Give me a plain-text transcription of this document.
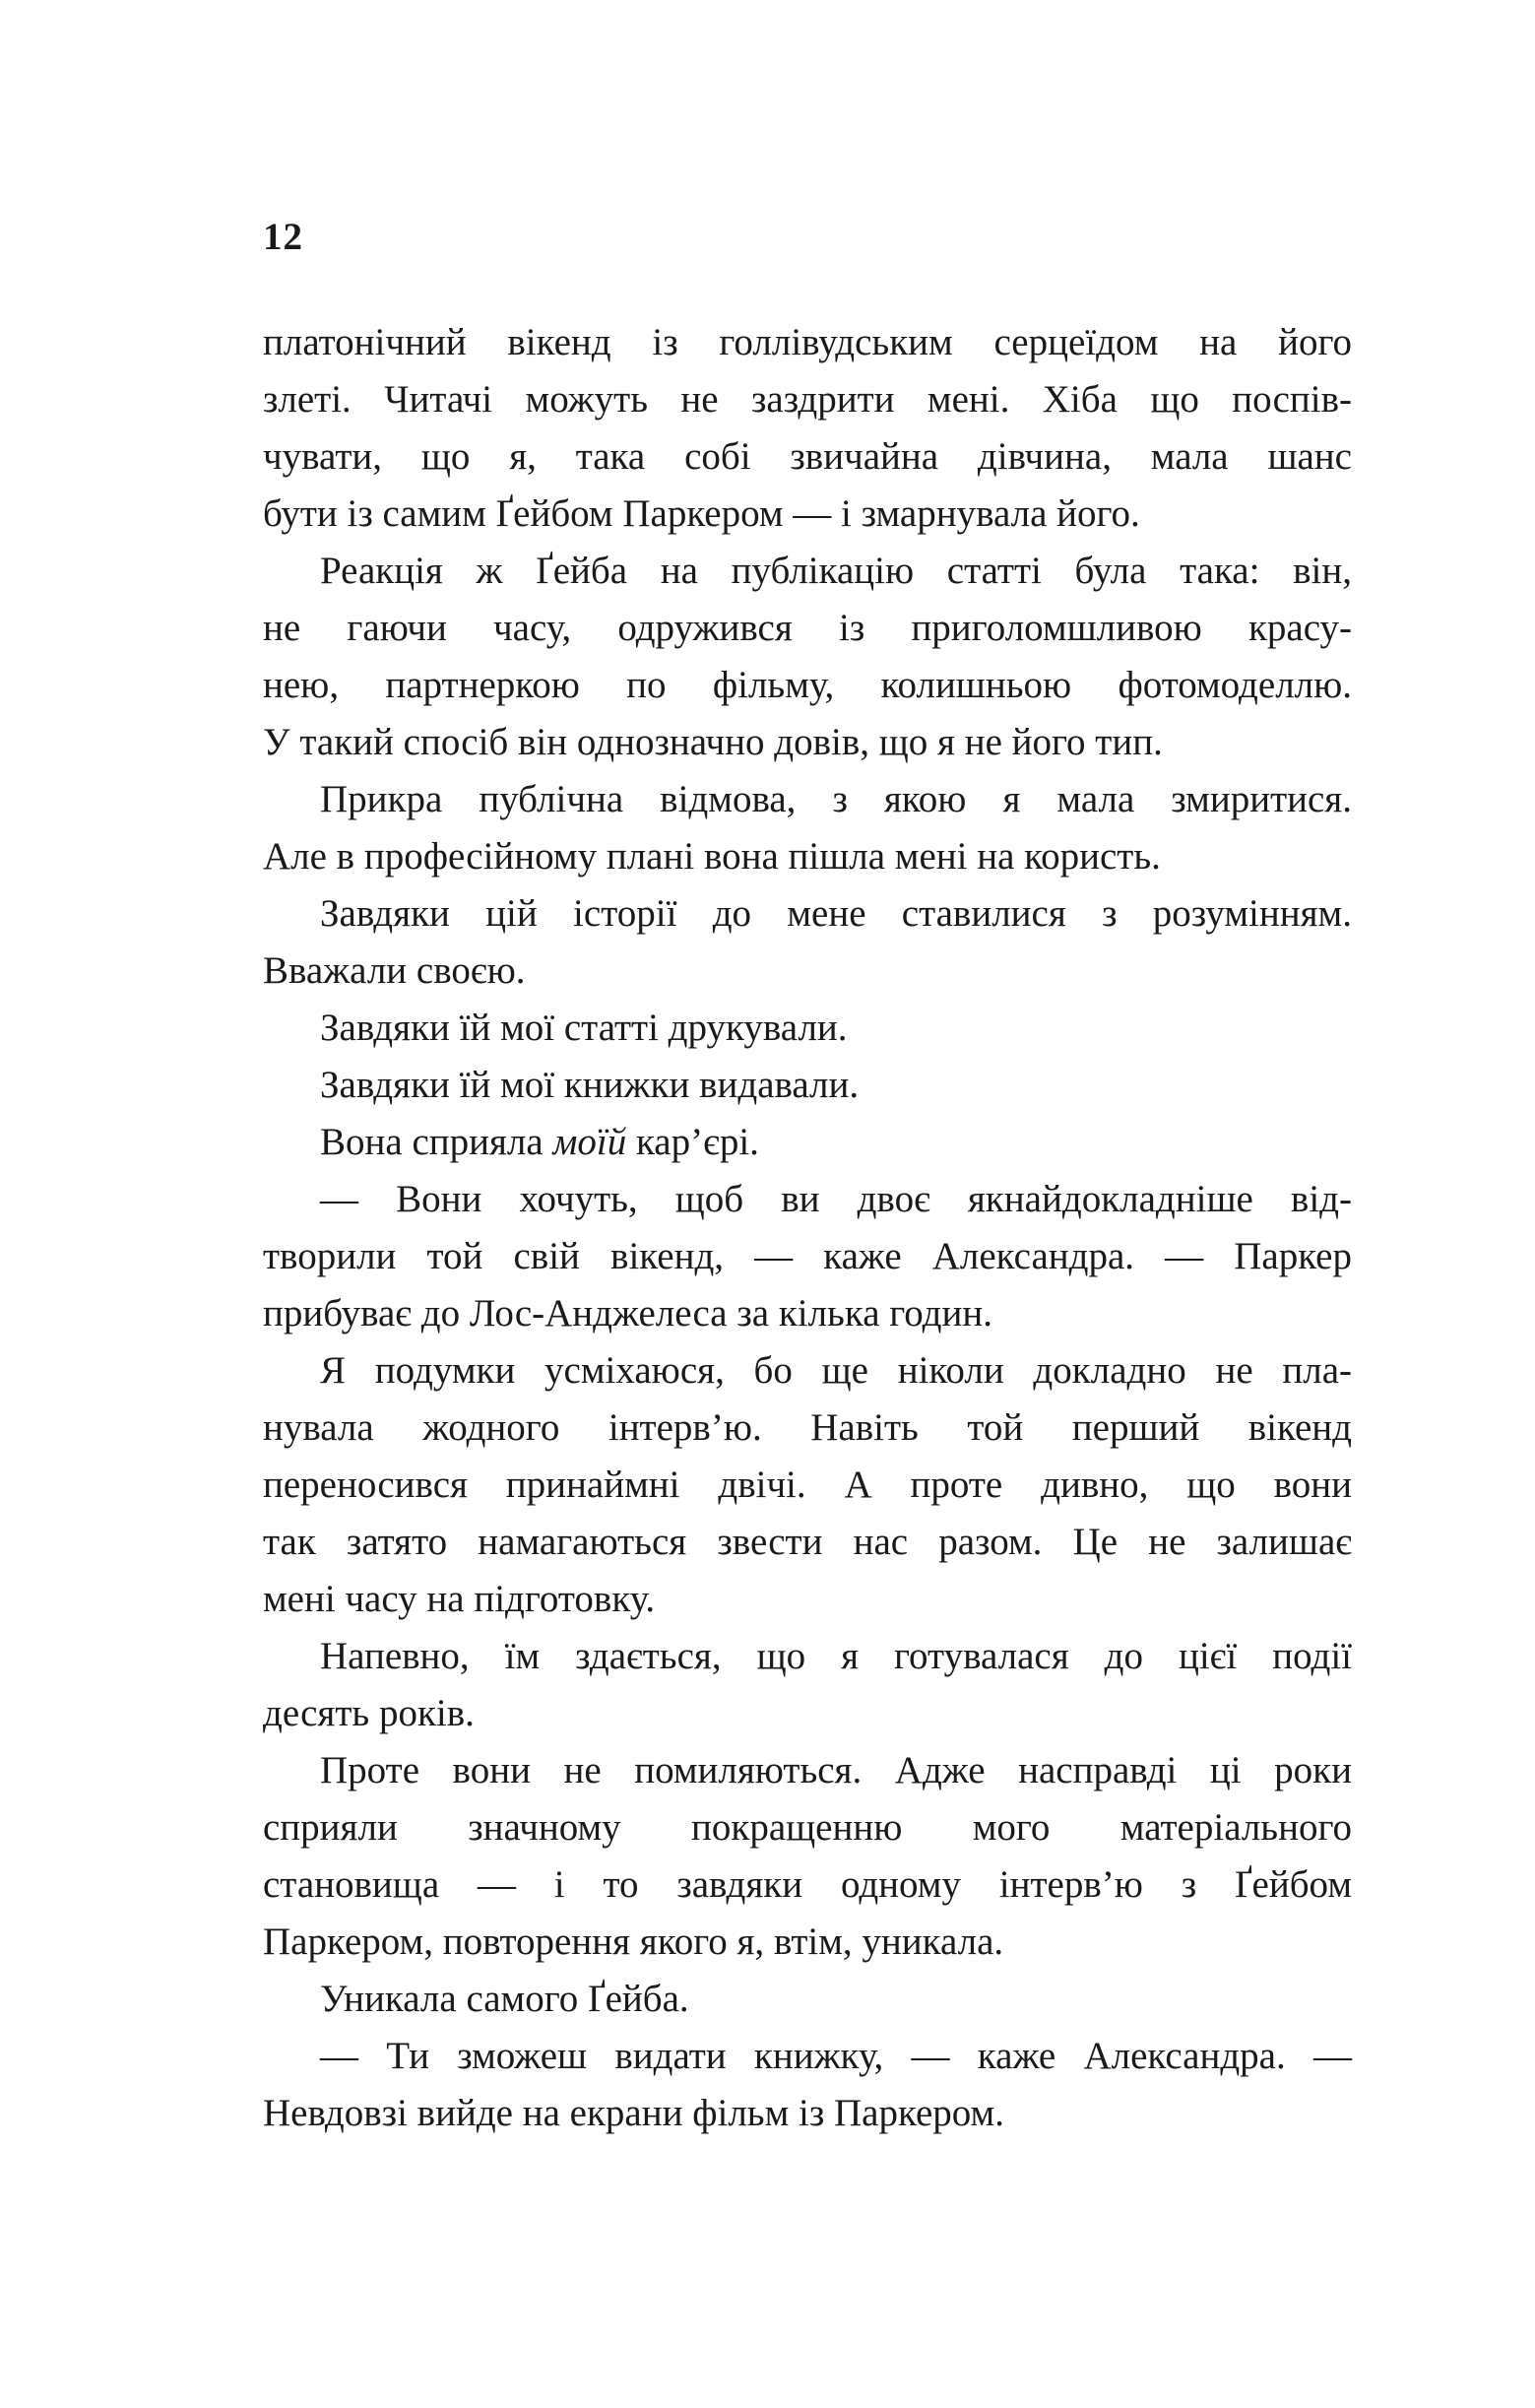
12
платонічний вікенд із голлівудським серцеїдом на його
злеті. Читачі можуть не заздрити мені. Хіба що поспів-
чувати, що я, така собі звичайна дівчина, мала шанс
бути із самим Ґейбом Паркером — і змарнувала його.
Реакція ж Ґейба на публікацію статті була така: він,
не гаючи часу, одружився із приголомшливою красу-
нею, партнеркою по фільму, колишньою фотомоделлю.
У такий спосіб він однозначно довів, що я не його тип.
Прикра публічна відмова, з якою я мала змиритися.
Але в професійному плані вона пішла мені на користь.
Завдяки цій історії до мене ставилися з розумінням.
Вважали своєю.
Завдяки їй мої статті друкували.
Завдяки їй мої книжки видавали.
Вона сприяла моїй кар’єрі.
— Вони хочуть, щоб ви двоє якнайдокладніше від-
творили той свій вікенд, — каже Александра. — Паркер
прибуває до Лос-Анджелеса за кілька годин.
Я подумки усміхаюся, бо ще ніколи докладно не пла-
нувала жодного інтерв’ю. Навіть той перший вікенд
переносився принаймні двічі. А проте дивно, що вони
так затято намагаються звести нас разом. Це не залишає
мені часу на підготовку.
Напевно, їм здається, що я готувалася до цієї події
десять років.
Проте вони не помиляються. Адже насправді ці роки
сприяли значному покращенню мого матеріального
становища — і то завдяки одному інтерв’ю з Ґейбом
Паркером, повторення якого я, втім, уникала.
Уникала самого Ґейба.
— Ти зможеш видати книжку, — каже Александра. —
Невдовзі вийде на екрани фільм із Паркером.
